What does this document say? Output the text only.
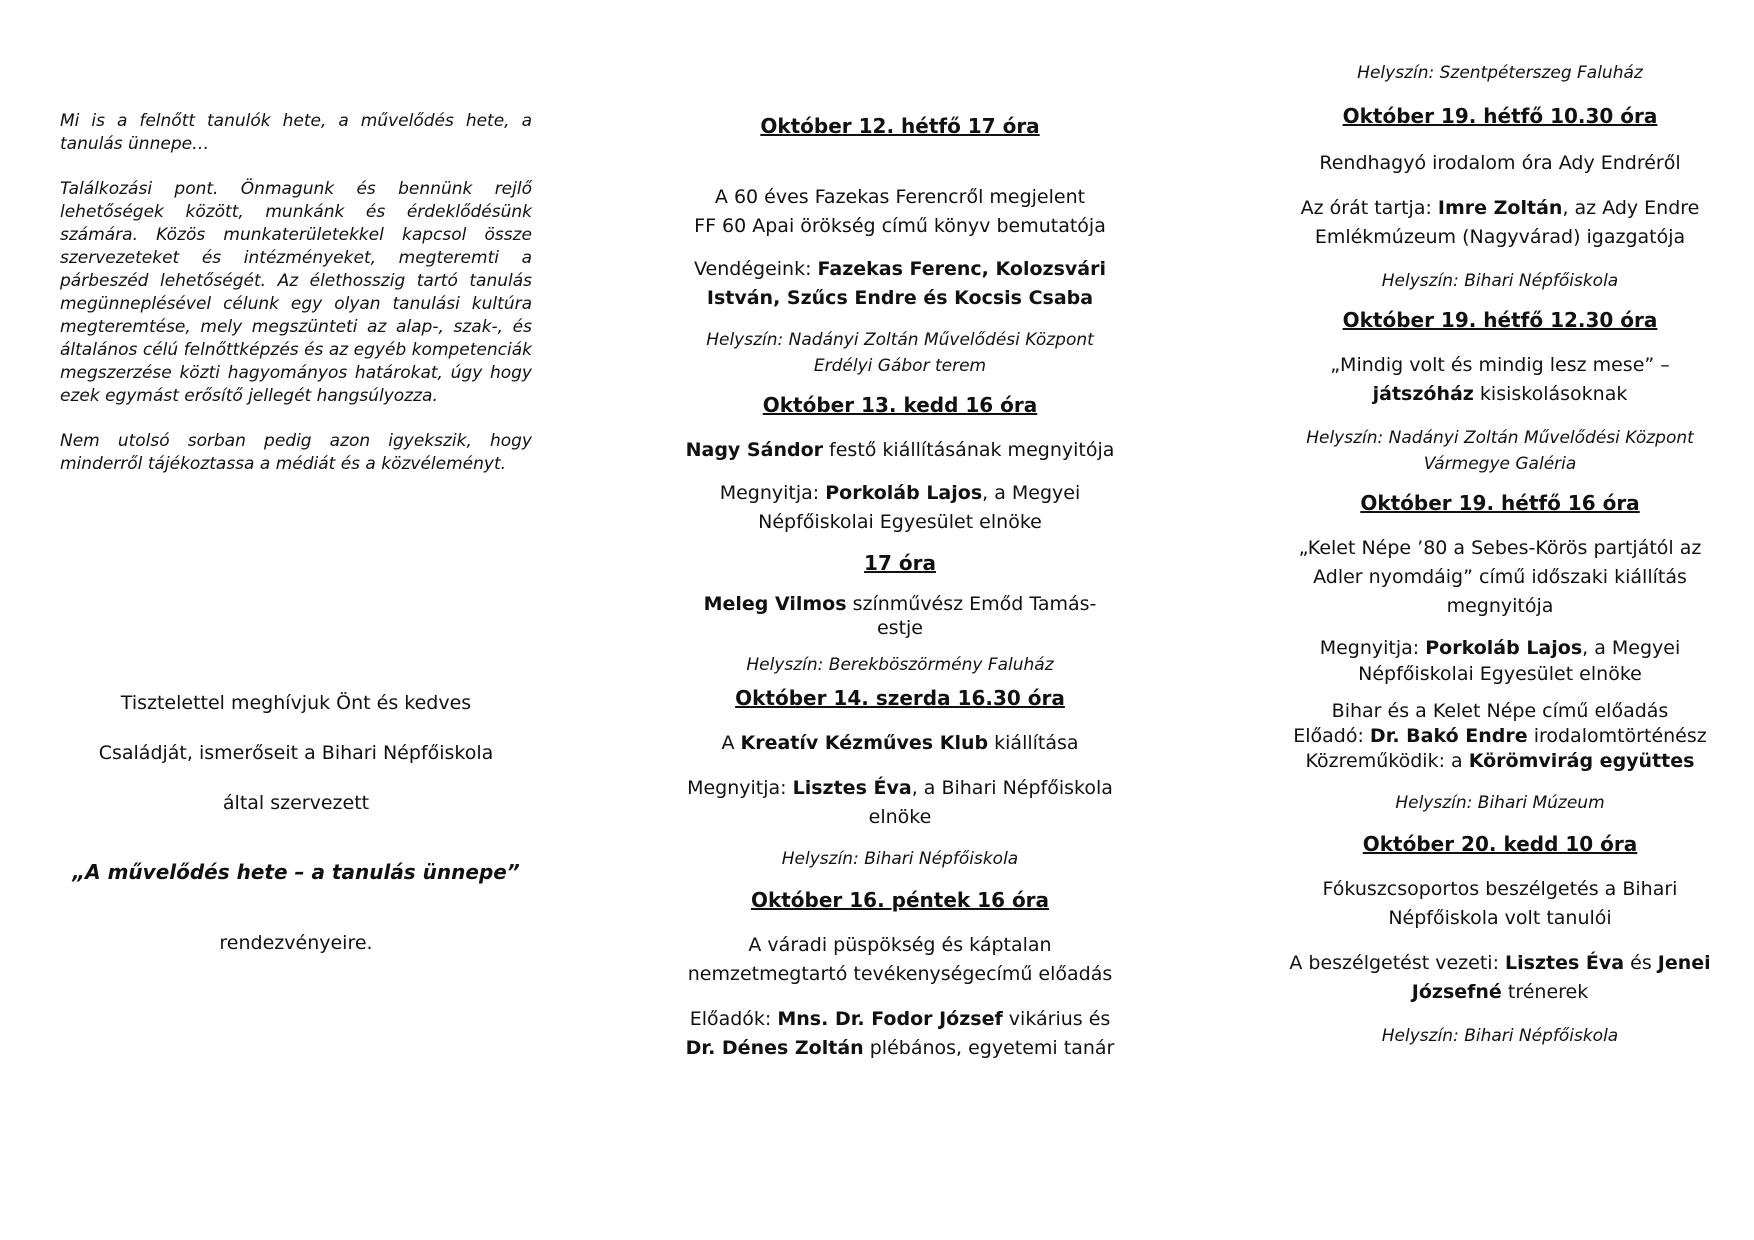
Mi is a felnőtt tanulók hete, a művelődés hete, a tanulás ünnepe…

Találkozási pont. Önmagunk és bennünk rejlő lehetőségek között, munkánk és érdeklődésünk számára. Közös munkaterületekkel kapcsol össze szervezeteket és intézményeket, megteremti a párbeszéd lehetőségét. Az élethosszig tartó tanulás megünneplésével célunk egy olyan tanulási kultúra megteremtése, mely megszünteti az alap-, szak-, és általános célú felnőttképzés és az egyéb kompetenciák megszerzése közti hagyományos határokat, úgy hogy ezek egymást erősítő jellegét hangsúlyozza.

Nem utolsó sorban pedig azon igyekszik, hogy minderről tájékoztassa a médiát és a közvéleményt.

Tisztelettel meghívjuk Önt és kedves

Családját, ismerőseit a Bihari Népfőiskola

által szervezett

„A művelődés hete – a tanulás ünnepe”

rendezvényeire.

Október 12. hétfő 17 óra

A 60 éves Fazekas Ferencről megjelent
FF 60 Apai örökség című könyv bemutatója

Vendégeink: Fazekas Ferenc, Kolozsvári
István, Szűcs Endre és Kocsis Csaba

Helyszín: Nadányi Zoltán Művelődési Központ
Erdélyi Gábor terem

Október 13. kedd 16 óra

Nagy Sándor festő kiállításának megnyitója

Megnyitja: Porkoláb Lajos, a Megyei
Népfőiskolai Egyesület elnöke

17 óra

Meleg Vilmos színművész Emőd Tamás-
estje

Helyszín: Berekböszörmény Faluház

Október 14. szerda 16.30 óra

A Kreatív Kézműves Klub kiállítása

Megnyitja: Lisztes Éva, a Bihari Népfőiskola
elnöke

Helyszín: Bihari Népfőiskola

Október 16. péntek 16 óra

A váradi püspökség és káptalan
nemzetmegtartó tevékenységecímű előadás

Előadók: Mns. Dr. Fodor József vikárius és
Dr. Dénes Zoltán plébános, egyetemi tanár

Helyszín: Szentpéterszeg Faluház

Október 19. hétfő 10.30 óra

Rendhagyó irodalom óra Ady Endréről

Az órát tartja: Imre Zoltán, az Ady Endre
Emlékmúzeum (Nagyvárad) igazgatója

Helyszín: Bihari Népfőiskola

Október 19. hétfő 12.30 óra

„Mindig volt és mindig lesz mese” –
játszóház kisiskolásoknak

Helyszín: Nadányi Zoltán Művelődési Központ
Vármegye Galéria

Október 19. hétfő 16 óra

„Kelet Népe ’80 a Sebes-Körös partjától az
Adler nyomdáig” című időszaki kiállítás
megnyitója

Megnyitja: Porkoláb Lajos, a Megyei
Népfőiskolai Egyesület elnöke

Bihar és a Kelet Népe című előadás
Előadó: Dr. Bakó Endre irodalomtörténész
Közreműködik: a Körömvirág együttes

Helyszín: Bihari Múzeum

Október 20. kedd 10 óra

Fókuszcsoportos beszélgetés a Bihari
Népfőiskola volt tanulói

A beszélgetést vezeti: Lisztes Éva és Jenei
Józsefné trénerek

Helyszín: Bihari Népfőiskola
